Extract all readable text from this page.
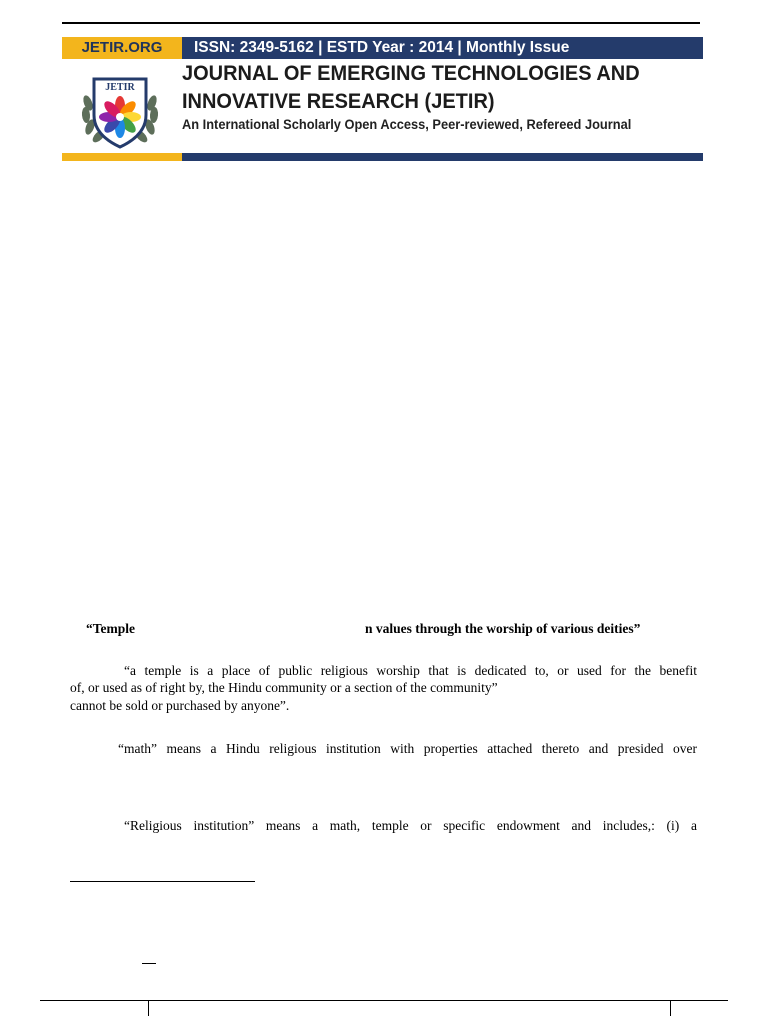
JETIR.ORG	ISSN: 2349-5162 | ESTD Year : 2014 | Monthly Issue
JETIR
JOURNAL OF EMERGING TECHNOLOGIES AND
INNOVATIVE RESEARCH (JETIR)
An International Scholarly Open Access, Peer-reviewed, Refereed Journal
“Temple	n values through the worship of various deities”
“a temple is a place of public religious worship that is dedicated to, or used for the benefit
of, or used as of right by, the Hindu community or a section of the community”
cannot be sold or purchased by anyone”.
“math” means a Hindu religious institution with properties attached thereto and presided over
“Religious institution” means a math, temple or specific endowment and includes,: (i) a
